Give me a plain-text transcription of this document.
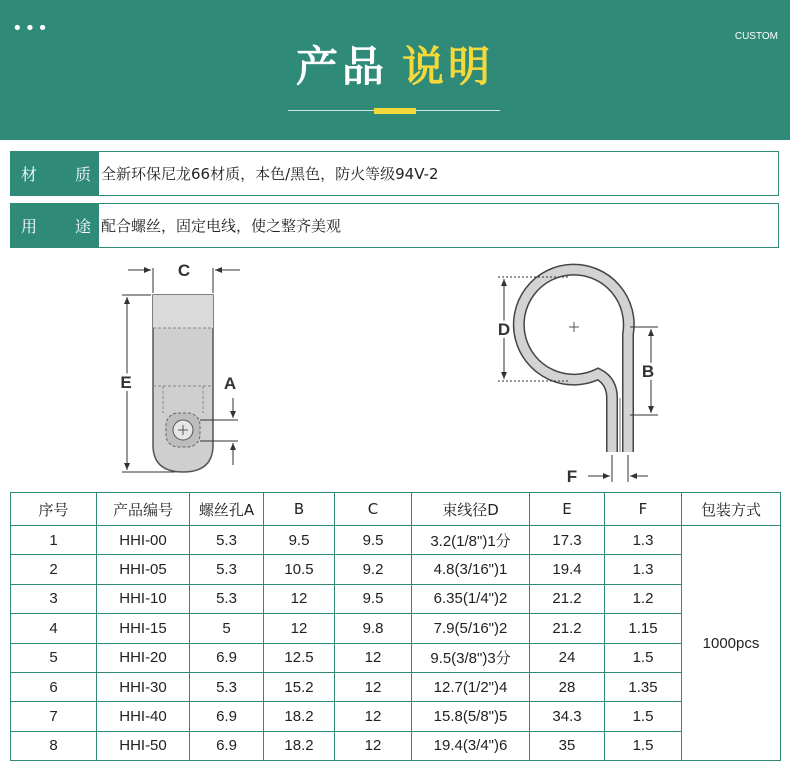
•••	CUSTOM
产品 说明
材 质 全新环保尼龙66材质，本色/黑色，防火等级94V-2
用 途 配合螺丝，固定电线，使之整齐美观
C
E	A
D
B
F
序号	产品编号	螺丝孔A	B	C	束线径D	E	F	包装方式
1	HHI-00	5.3	9.5	9.5	3.2(1/8")1分	17.3	1.3	1000pcs
2	HHI-05	5.3	10.5	9.2	4.8(3/16")1	19.4	1.3	
3	HHI-10	5.3	12	9.5	6.35(1/4")2	21.2	1.2	
4	HHI-15	5	12	9.8	7.9(5/16")2	21.2	1.15	
5	HHI-20	6.9	12.5	12	9.5(3/8")3分	24	1.5	
6	HHI-30	5.3	15.2	12	12.7(1/2")4	28	1.35	
7	HHI-40	6.9	18.2	12	15.8(5/8")5	34.3	1.5	
8	HHI-50	6.9	18.2	12	19.4(3/4")6	35	1.5	
